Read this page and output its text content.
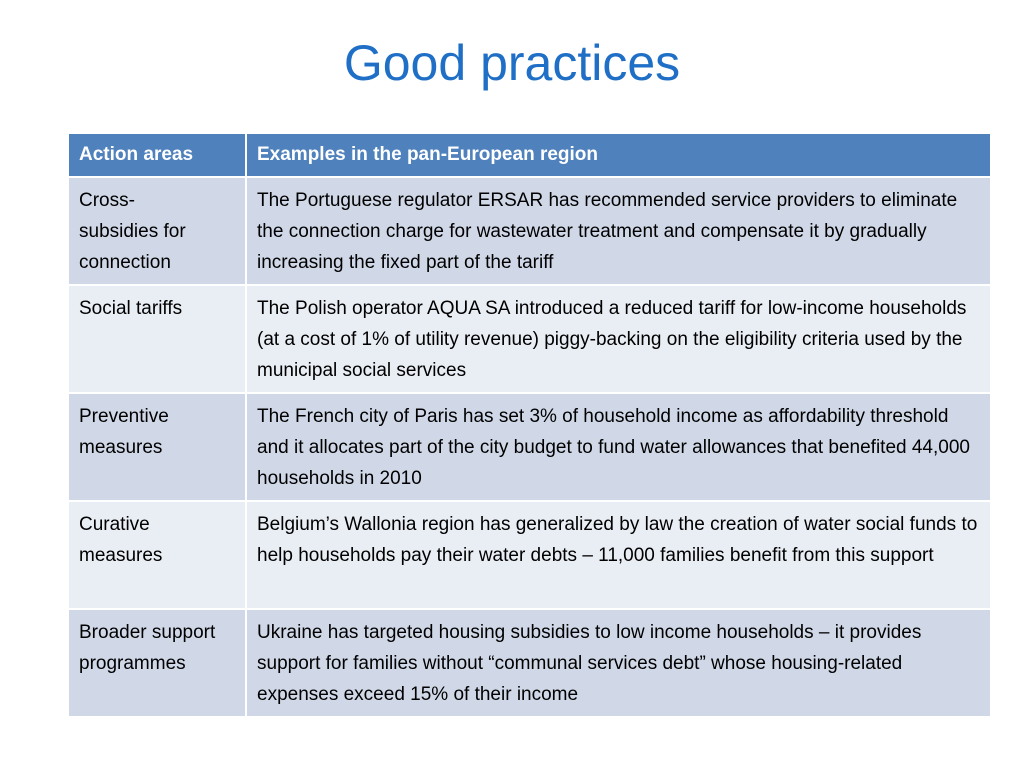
Good practices
Action areas	Examples in the pan-European region
Cross-
subsidies for
connection	The Portuguese regulator ERSAR has recommended service providers to eliminate the connection charge for wastewater treatment and compensate it by gradually increasing the fixed part of the tariff
Social tariffs	The Polish operator AQUA SA introduced a reduced tariff for low-income households (at a cost of 1% of utility revenue) piggy-backing on the eligibility criteria used by the municipal social services
Preventive measures	The French city of Paris has set 3% of household income as affordability threshold and it allocates part of the city budget to fund water allowances that benefited 44,000 households in 2010
Curative measures	Belgium’s Wallonia region has generalized by law the creation of water social funds to help households pay their water debts – 11,000 families benefit from this support
Broader support programmes	Ukraine has targeted housing subsidies to low income households – it provides support for families without “communal services debt” whose housing-related expenses exceed 15% of their income
